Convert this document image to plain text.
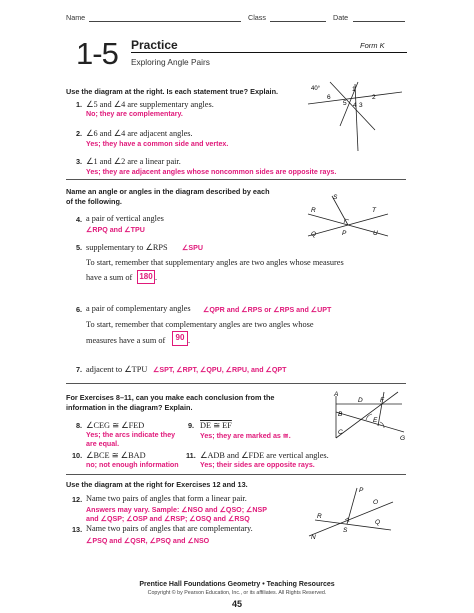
Name	Class	Date
1-5 Practice	Form K
Exploring Angle Pairs
Use the diagram at the right. Is each statement true? Explain.
1. ∠5 and ∠4 are supplementary angles.
No; they are complementary.
2. ∠6 and ∠4 are adjacent angles.
Yes; they have a common side and vertex.
3. ∠1 and ∠2 are a linear pair.
Yes; they are adjacent angles whose noncommon sides are opposite rays.
6
1
2
5 4 3
40°
Name an angle or angles in the diagram described by each
of the following.
4. a pair of vertical angles
∠RPQ and ∠TPU
5. supplementary to ∠RPS ∠SPU
To start, remember that supplementary angles are two angles whose measures
have a sum of 180 .
6. a pair of complementary angles ∠QPR and ∠RPS or ∠RPS and ∠UPT
To start, remember that complementary angles are two angles whose
measures have a sum of	90 .
7. adjacent to ∠TPU ∠SPT, ∠RPT, ∠QPU, ∠RPU, and ∠QPT
S
R	T
Q	P	U
For Exercises 8–11, can you make each conclusion from the
information in the diagram? Explain.
8. ∠CEG ≅ ∠FED
Yes; the arcs indicate they
are equal.
9. DE ≅ EF
Yes; they are marked as ≅.
10. ∠BCE ≅ ∠BAD
no; not enough information
11. ∠ADB and ∠FDE are vertical angles.
Yes; their sides are opposite rays.
A
B
D	F
E
C
G
Use the diagram at the right for Exercises 12 and 13.
12. Name two pairs of angles that form a linear pair.
Answers may vary. Sample: ∠NSO and ∠QSO; ∠NSP
and ∠QSP; ∠OSP and ∠RSP; ∠OSQ and ∠RSQ
13. Name two pairs of angles that are complementary.
∠PSQ and ∠QSR, ∠PSQ and ∠NSO
P
O
Q
R
S
N
Prentice Hall Foundations Geometry • Teaching Resources
Copyright © by Pearson Education, Inc., or its affiliates. All Rights Reserved.
45
